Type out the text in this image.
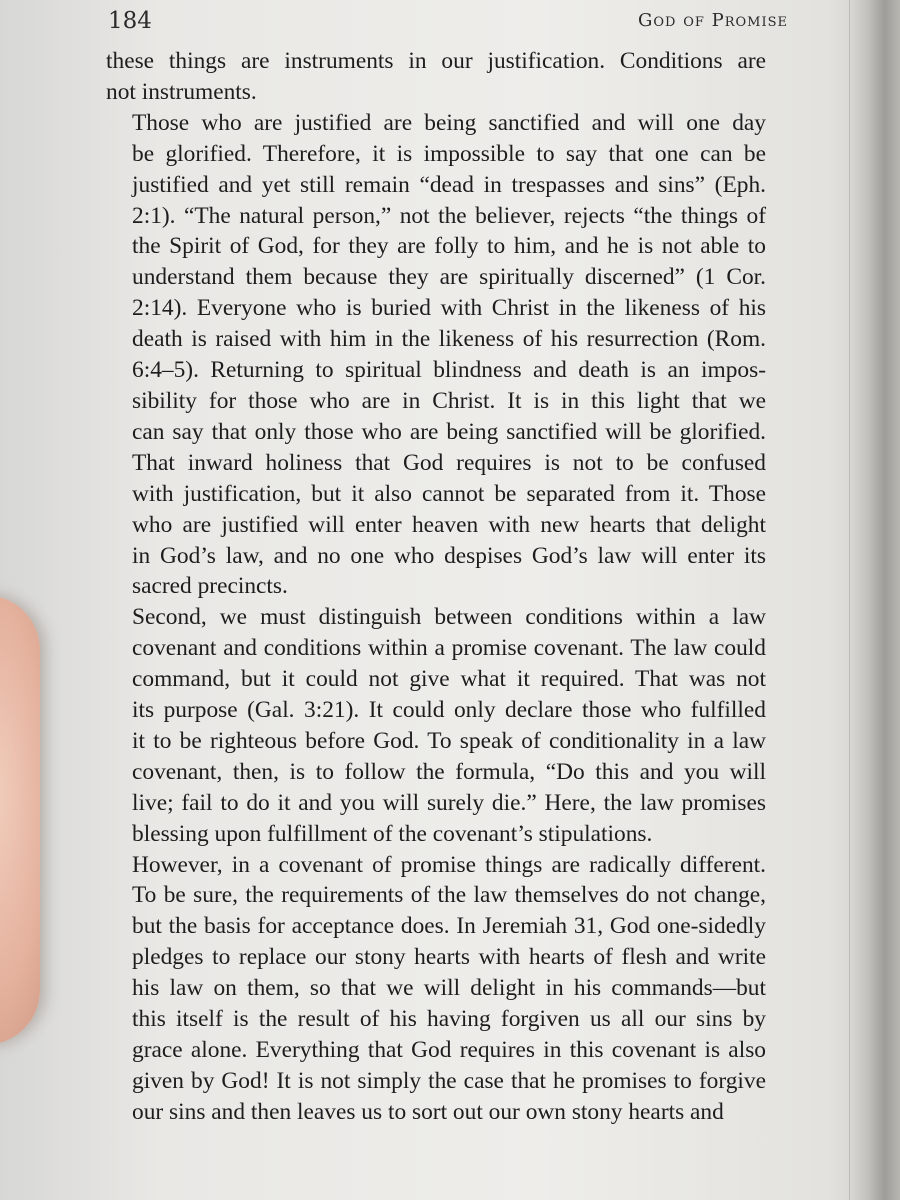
184	God of Promise

these things are instruments in our justification. Conditions are
not instruments.

Those who are justified are being sanctified and will one day
be glorified. Therefore, it is impossible to say that one can be
justified and yet still remain “dead in trespasses and sins” (Eph.
2:1). “The natural person,” not the believer, rejects “the things of
the Spirit of God, for they are folly to him, and he is not able to
understand them because they are spiritually discerned” (1 Cor.
2:14). Everyone who is buried with Christ in the likeness of his
death is raised with him in the likeness of his resurrection (Rom.
6:4–5). Returning to spiritual blindness and death is an impos-
sibility for those who are in Christ. It is in this light that we
can say that only those who are being sanctified will be glorified.
That inward holiness that God requires is not to be confused
with justification, but it also cannot be separated from it. Those
who are justified will enter heaven with new hearts that delight
in God’s law, and no one who despises God’s law will enter its
sacred precincts.

Second, we must distinguish between conditions within a law
covenant and conditions within a promise covenant. The law could
command, but it could not give what it required. That was not
its purpose (Gal. 3:21). It could only declare those who fulfilled
it to be righteous before God. To speak of conditionality in a law
covenant, then, is to follow the formula, “Do this and you will
live; fail to do it and you will surely die.” Here, the law promises
blessing upon fulfillment of the covenant’s stipulations.

However, in a covenant of promise things are radically different.
To be sure, the requirements of the law themselves do not change,
but the basis for acceptance does. In Jeremiah 31, God one-sidedly
pledges to replace our stony hearts with hearts of flesh and write
his law on them, so that we will delight in his commands—but
this itself is the result of his having forgiven us all our sins by
grace alone. Everything that God requires in this covenant is also
given by God! It is not simply the case that he promises to forgive
our sins and then leaves us to sort out our own stony hearts and
